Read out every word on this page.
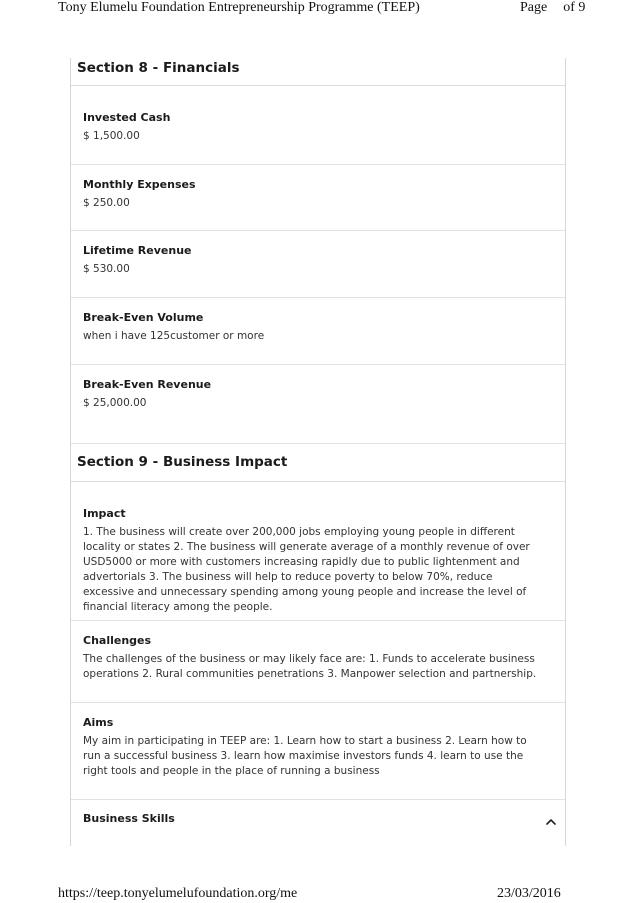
Tony Elumelu Foundation Entrepreneurship Programme (TEEP)	Page of 9
Section 8 - Financials
Invested Cash
$ 1,500.00
Monthly Expenses
$ 250.00
Lifetime Revenue
$ 530.00
Break-Even Volume
when i have 125customer or more
Break-Even Revenue
$ 25,000.00
Section 9 - Business Impact
Impact
1. The business will create over 200,000 jobs employing young people in different locality or states 2. The business will generate average of a monthly revenue of over USD5000 or more with customers increasing rapidly due to public lightenment and advertorials 3. The business will help to reduce poverty to below 70%, reduce excessive and unnecessary spending among young people and increase the level of financial literacy among the people.
Challenges
The challenges of the business or may likely face are: 1. Funds to accelerate business operations 2. Rural communities penetrations 3. Manpower selection and partnership.
Aims
My aim in participating in TEEP are: 1. Learn how to start a business 2. Learn how to run a successful business 3. learn how maximise investors funds 4. learn to use the right tools and people in the place of running a business
Business Skills
https://teep.tonyelumelufoundation.org/me	23/03/2016
